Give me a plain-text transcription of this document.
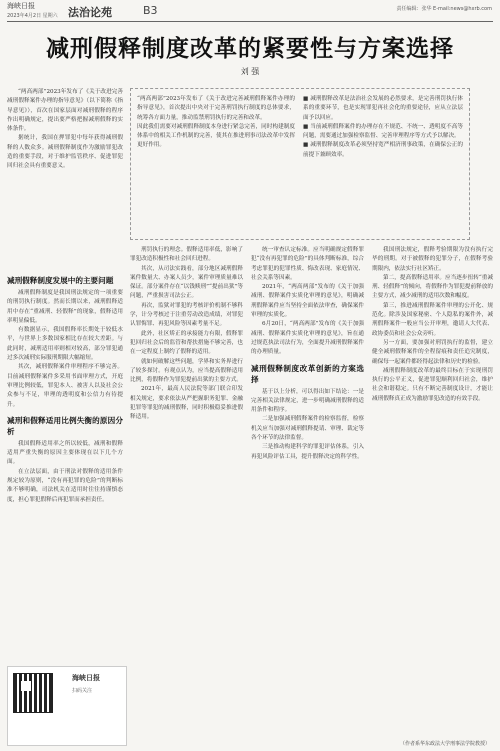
海峡日报
2023年4月2日 星期六 法治论苑	B3	责任编辑：张华 E-mail:news@hxrb.com
减刑假释制度改革的紧要性与方案选择
刘 强

“两高两部”2023年发布了《关于改进完善减刑假释案件办理的指导意见》（以下简称《指导意见》），首次在国家层面对减刑假释的程序作出明确规定，提出要严格把握减刑假释的实体条件。

据统计，我国在押罪犯中每年获得减刑假释的人数众多。减刑假释制度作为激励罪犯改造的重要手段，对于维护监管秩序、促进罪犯回归社会具有重要意义。

“两高两部”2023年发布了《关于改进完善减刑假释案件办理的指导意见》，首次提出中央对于完善刑罚执行制度的总体要求，统筹各方面力量，推动监禁刑罚执行的完善和改革。

因此我们需要对减刑假释制度本身进行紧急完善，同时构建制度体系中的相关工作机制的完善，使其在推进刑事司法改革中发挥更好作用。

■ 减刑假释改革是法治社会发展的必然要求，是完善刑罚执行体系的重要环节，也是实现罪犯再社会化的重要途径，应从立法层面予以回应。

■ 当前减刑假释案件的办理存在不规范、不统一、透明度不高等问题，需要通过加强检察监督、完善审理程序等方式予以解决。

■ 减刑假释制度改革必须坚持宽严相济刑事政策，在确保公正的前提下兼顾效率。

减刑假释制度发展中的主要问题

减刑假释制度是我国刑法规定的一项重要的刑罚执行制度。然而长期以来，减刑假释适用中存在“重减刑、轻假释”的现象，假释适用率明显偏低。

有数据显示，我国假释率长期处于较低水平，与世界上多数国家相比存在较大差距。与此同时，减刑适用率则相对较高，部分罪犯通过多次减刑实际服刑期限大幅缩短。

其次，减刑假释案件审理程序不够完善。目前减刑假释案件多采用书面审理方式，开庭审理比例较低，罪犯本人、被害人以及社会公众参与不足，审理的透明度和公信力有待提升。

减刑和假释适用比例失衡的原因分析

我国假释适用率之所以较低，减刑和假释适用严重失衡的原因主要体现在以下几个方面。

在立法层面，由于刑法对假释的适用条件规定较为原则，“没有再犯罪的危险”的判断标准不够明确，司法机关在适用时往往持谨慎态度，担心罪犯假释后再犯罪而承担责任。

刑罚执行的理念。假释适用率低，影响了罪犯改造积极性和社会回归进程。

其次，从司法实践看，部分地区减刑假释案件数量大、办案人员少，案件审理质量难以保证。部分案件存在“以钱赎刑”“提前出狱”等问题，严重损害司法公正。

再次，监狱对罪犯的考核评价机制不够科学，计分考核过于注重劳动改造成绩，对罪犯认罪悔罪、再犯风险等因素考量不足。

此外，社区矫正的承接能力有限，假释罪犯回归社会后的监管和帮扶措施不够完善，也在一定程度上制约了假释的适用。

就如何破解这些问题，学界和实务界进行了较多探讨。有观点认为，应当提高假释适用比例，将假释作为罪犯提前出狱的主要方式。

2021年，最高人民法院等部门联合印发相关规定，要求依法从严把握职务犯罪、金融犯罪等罪犯的减刑假释，同时积极稳妥推进假释适用。

统一审查认定标准。应当明确规定假释罪犯“没有再犯罪的危险”的具体判断标准，综合考虑罪犯的犯罪性质、悔改表现、家庭情况、社会关系等因素。

2021年，“两高两部”发布的《关于加强减刑、假释案件实质化审理的意见》，明确减刑假释案件应当坚持全面依法审查，确保案件审理的实质化。

6月20日，“两高两部”发布的《关于加强减刑、假释案件实质化审理的意见》，旨在通过规范执法司法行为，全面提升减刑假释案件的办理质量。

减刑假释制度改革创新的方案选择

基于以上分析，可以得出如下结论：一是完善相关法律规定，进一步明确减刑假释的适用条件和程序。

二是加强减刑假释案件的检察监督，检察机关应当加强对减刑假释提请、审理、裁定等各个环节的法律监督。

三是推动构建科学的罪犯评估体系，引入再犯风险评估工具，提升假释决定的科学性。

我国刑法规定，假释考验期限为没有执行完毕的刑期。对于被假释的犯罪分子，在假释考验期限内，依法实行社区矫正。

第二，提高假释适用率。应当逐步扭转“重减刑、轻假释”的倾向，将假释作为罪犯提前释放的主要方式，减少减刑的适用次数和幅度。

第三，推进减刑假释案件审理的公开化、规范化。除涉及国家秘密、个人隐私的案件外，减刑假释案件一般应当公开审理，邀请人大代表、政协委员和社会公众旁听。

另一方面，要加强对刑罚执行的监督，建立健全减刑假释案件的全程留痕和责任追究制度，确保每一起案件都经得起法律和历史的检验。

减刑假释制度改革的最终目标在于实现刑罚执行的公平正义，促进罪犯顺利回归社会，维护社会和谐稳定。只有不断完善制度设计，才能让减刑假释真正成为激励罪犯改造的有效手段。

（作者系华东政法大学刑事法学院教授）
海峡日报
扫码关注
